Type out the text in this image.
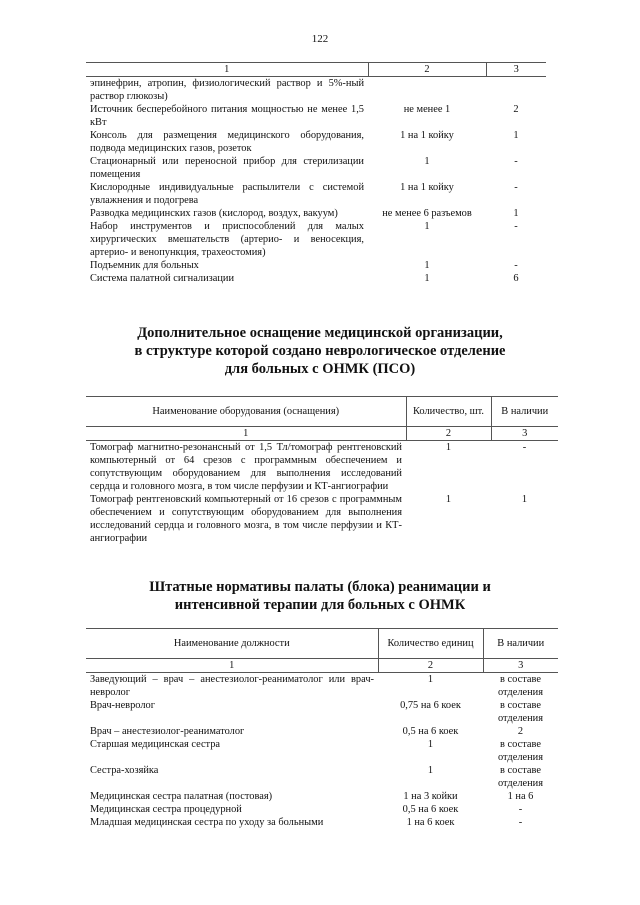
122
1	2	3
эпинефрин, атропин, физиологический раствор и 5%-ный раствор глюкозы)		
Источник бесперебойного питания мощностью не менее 1,5 кВт	не менее 1	2
Консоль для размещения медицинского оборудования, подвода медицинских газов, розеток	1 на 1 койку	1
Стационарный или переносной прибор для стерилизации помещения	1	-
Кислородные индивидуальные распылители с системой увлажнения и подогрева	1 на 1 койку	-
Разводка медицинских газов (кислород, воздух, вакуум)	не менее 6 разъемов	1
Набор инструментов и приспособлений для малых хирургических вмешательств (артерио- и веносекция, артерио- и венопункция, трахеостомия)	1	-
Подъемник для больных	1	-
Система палатной сигнализации	1	6
Дополнительное оснащение медицинской организации,
в структуре которой создано неврологическое отделение
для больных с ОНМК (ПСО)
Наименование оборудования (оснащения)	Количество, шт.	В наличии
1	2	3
Томограф магнитно-резонансный от 1,5 Тл/томограф рентгеновский компьютерный от 64 срезов с программным обеспечением и сопутствующим оборудованием для выполнения исследований сердца и головного мозга, в том числе перфузии и КТ-ангиографии	1	-
Томограф рентгеновский компьютерный от 16 срезов с программным обеспечением и сопутствующим оборудованием для выполнения исследований сердца и головного мозга, в том числе перфузии и КТ-ангиографии	1	1
Штатные нормативы палаты (блока) реанимации и
интенсивной терапии для больных с ОНМК
Наименование должности	Количество единиц	В наличии
1	2	3
Заведующий – врач – анестезиолог-реаниматолог или врач-невролог	1	в составе отделения
Врач-невролог	0,75 на 6 коек	в составе отделения
Врач – анестезиолог-реаниматолог	0,5 на 6 коек	2
Старшая медицинская сестра	1	в составе отделения
Сестра-хозяйка	1	в составе отделения
Медицинская сестра палатная (постовая)	1 на 3 койки	1 на 6
Медицинская сестра процедурной	0,5 на 6 коек	-
Младшая медицинская сестра по уходу за больными	1 на 6 коек	-
